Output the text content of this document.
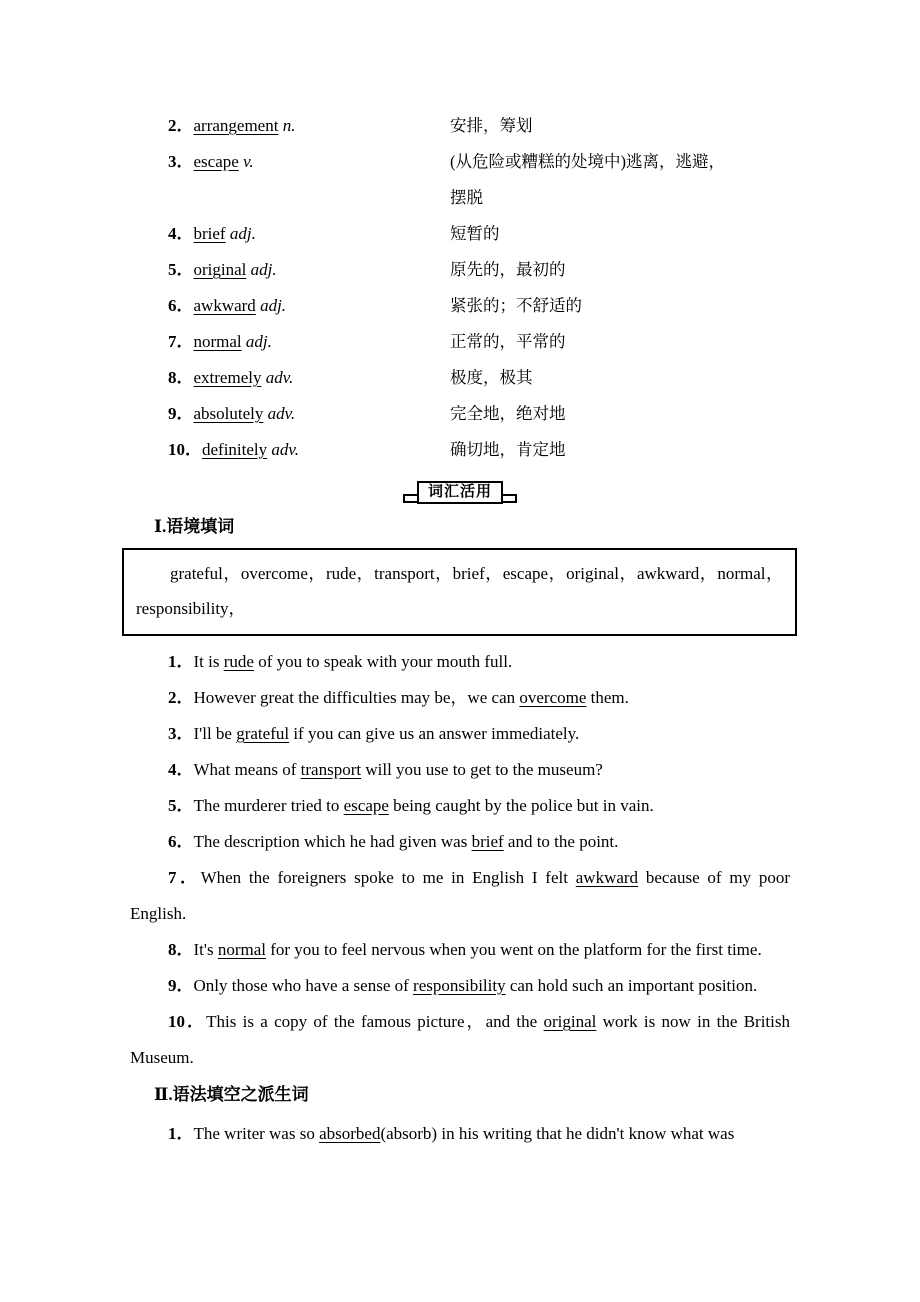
2．arrangement n.	安排，筹划
3．escape v.	(从危险或糟糕的处境中)逃离，逃避，摆脱
4．brief adj.	短暂的
5．original adj.	原先的，最初的
6．awkward adj.	紧张的；不舒适的
7．normal adj.	正常的，平常的
8．extremely adv.	极度，极其
9．absolutely adv.	完全地，绝对地
10．definitely adv.	确切地，肯定地
词汇活用
Ⅰ.语境填词
grateful，overcome，rude，transport，brief，escape，original，awkward，normal，responsibility，

1．It is rude of you to speak with your mouth full.

2．However great the difficulties may be，we can overcome them.

3．I'll be grateful if you can give us an answer immediately.

4．What means of transport will you use to get to the museum?

5．The murderer tried to escape being caught by the police but in vain.

6．The description which he had given was brief and to the point.

7．When the foreigners spoke to me in English I felt awkward because of my poor English.

8．It's normal for you to feel nervous when you went on the platform for the first time.

9．Only those who have a sense of responsibility can hold such an important position.

10．This is a copy of the famous picture，and the original work is now in the British Museum.

Ⅱ.语法填空之派生词

1．The writer was so absorbed(absorb) in his writing that he didn't know what was
